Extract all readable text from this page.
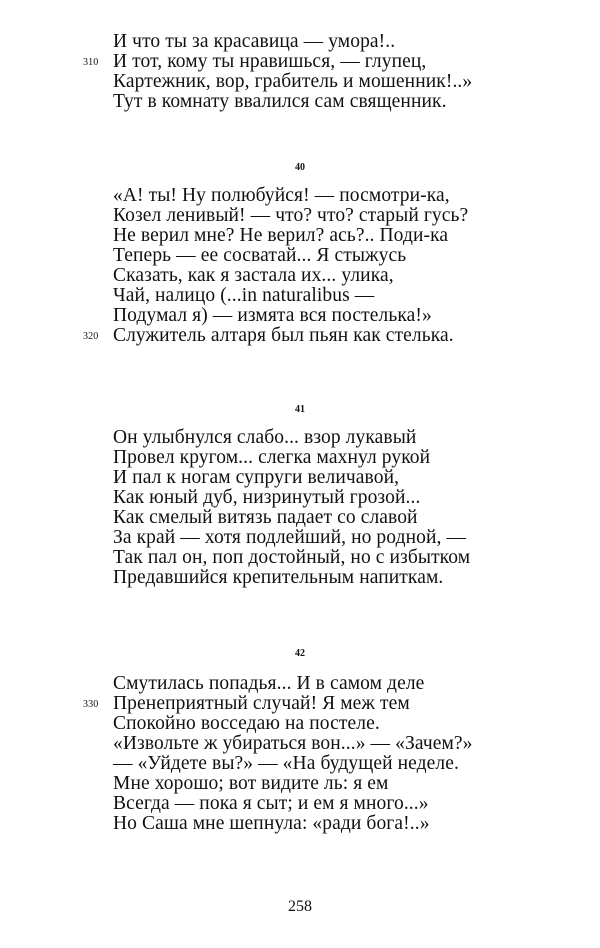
И что ты за красавица — умора!..
310 И тот, кому ты нравишься, — глупец,
Картежник, вор, грабитель и мошенник!..»
Тут в комнату ввалился сам священник.
40
«А! ты! Ну полюбуйся! — посмотри-ка,
Козел ленивый! — что? что? старый гусь?
Не верил мне? Не верил? ась?.. Поди-ка
Теперь — ее сосватай... Я стыжусь
Сказать, как я застала их... улика,
Чай, налицо (...in naturalibus —
Подумал я) — измята вся постелька!»
320 Служитель алтаря был пьян как стелька.
41
Он улыбнулся слабо... взор лукавый
Провел кругом... слегка махнул рукой
И пал к ногам супруги величавой,
Как юный дуб, низринутый грозой...
Как смелый витязь падает со славой
За край — хотя подлейший, но родной, —
Так пал он, поп достойный, но с избытком
Предавшийся крепительным напиткам.
42
Смутилась попадья... И в самом деле
330 Пренеприятный случай! Я меж тем
Спокойно восседаю на постеле.
«Извольте ж убираться вон...» — «Зачем?»
— «Уйдете вы?» — «На будущей неделе.
Мне хорошо; вот видите ль: я ем
Всегда — пока я сыт; и ем я много...»
Но Саша мне шепнула: «ради бога!..»
258
